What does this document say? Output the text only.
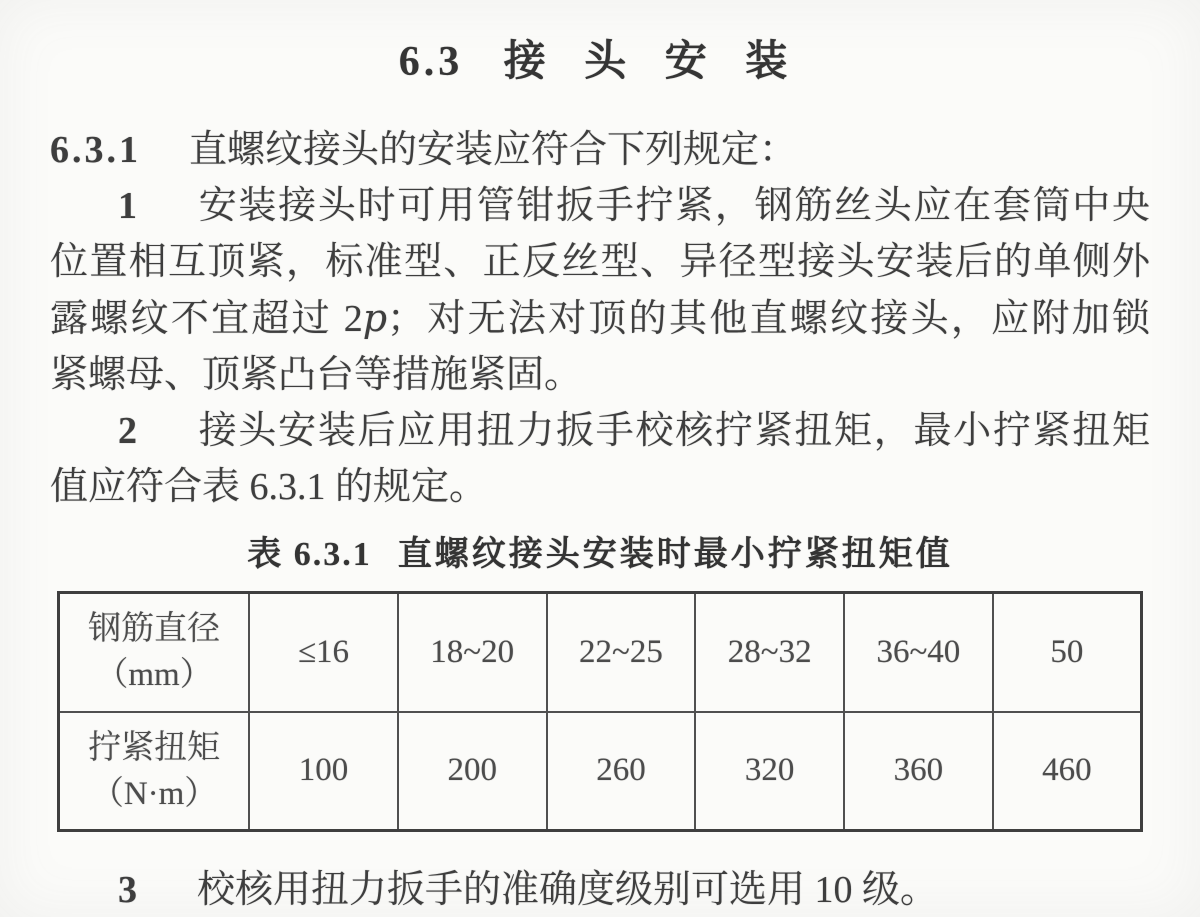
6.3 接 头 安 装
6.3.1 直螺纹接头的安装应符合下列规定：
1 安装接头时可用管钳扳手拧紧，钢筋丝头应在套筒中央
位置相互顶紧，标准型、正反丝型、异径型接头安装后的单侧外
露螺纹不宜超过 2p；对无法对顶的其他直螺纹接头，应附加锁
紧螺母、顶紧凸台等措施紧固。
2 接头安装后应用扭力扳手校核拧紧扭矩，最小拧紧扭矩
值应符合表 6.3.1 的规定。
表 6.3.1 直螺纹接头安装时最小拧紧扭矩值
钢筋直径
（mm）	≤16	18~20	22~25	28~32	36~40	50

拧紧扭矩
（N·m）	100	200	260	320	360	460
3 校核用扭力扳手的准确度级别可选用 10 级。
